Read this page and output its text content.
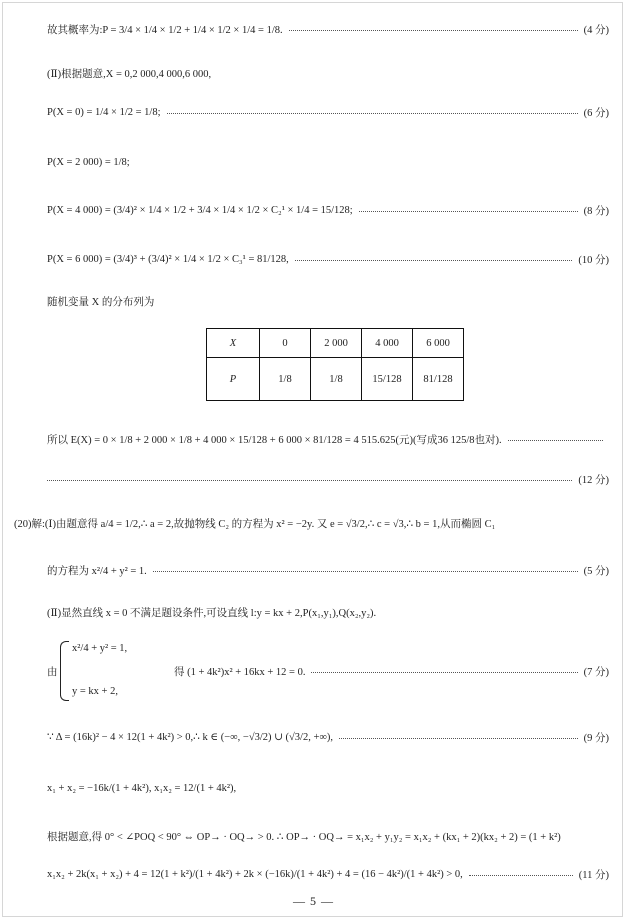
故其概率为:P = 3/4 × 1/4 × 1/2 + 1/4 × 1/2 × 1/4 = 1/8.	(4 分)
(Ⅱ)根据题意,X = 0,2 000,4 000,6 000,
P(X = 0) = 1/4 × 1/2 = 1/8;	(6 分)
P(X = 2 000) = 1/8;
P(X = 4 000) = (3/4)² × 1/4 × 1/2 + 3/4 × 1/4 × 1/2 × C₂¹ × 1/4 = 15/128;	(8 分)
P(X = 6 000) = (3/4)³ + (3/4)² × 1/4 × 1/2 × C₃¹ = 81/128,	(10 分)
随机变量 X 的分布列为
X	0	2 000	4 000	6 000
P	1/8	1/8	15/128	81/128
所以 E(X) = 0 × 1/8 + 2 000 × 1/8 + 4 000 × 15/128 + 6 000 × 81/128 = 4 515.625(元)(写成36 125/8也对).
(12 分)
(20)解:(Ⅰ)由题意得 a/4 = 1/2,∴ a = 2,故抛物线 C₂ 的方程为 x² = −2y. 又 e = √3/2,∴ c = √3,∴ b = 1,从而椭圆 C₁
的方程为 x²/4 + y² = 1.	(5 分)
(Ⅱ)显然直线 x = 0 不满足题设条件,可设直线 l:y = kx + 2,P(x₁,y₁),Q(x₂,y₂).
由
x²/4 + y² = 1,
y = kx + 2,
得 (1 + 4k²)x² + 16kx + 12 = 0.	(7 分)
∵ Δ = (16k)² − 4 × 12(1 + 4k²) > 0,∴ k ∈ (−∞, −√3/2) ∪ (√3/2, +∞),	(9 分)
x₁ + x₂ = −16k/(1 + 4k²), x₁x₂ = 12/(1 + 4k²),
根据题意,得 0° < ∠POQ < 90° ⇔ OP→ · OQ→ > 0. ∴ OP→ · OQ→ = x₁x₂ + y₁y₂ = x₁x₂ + (kx₁ + 2)(kx₂ + 2) = (1 + k²)
x₁x₂ + 2k(x₁ + x₂) + 4 = 12(1 + k²)/(1 + 4k²) + 2k × (−16k)/(1 + 4k²) + 4 = (16 − 4k²)/(1 + 4k²) > 0,	(11 分)
— 5 —
